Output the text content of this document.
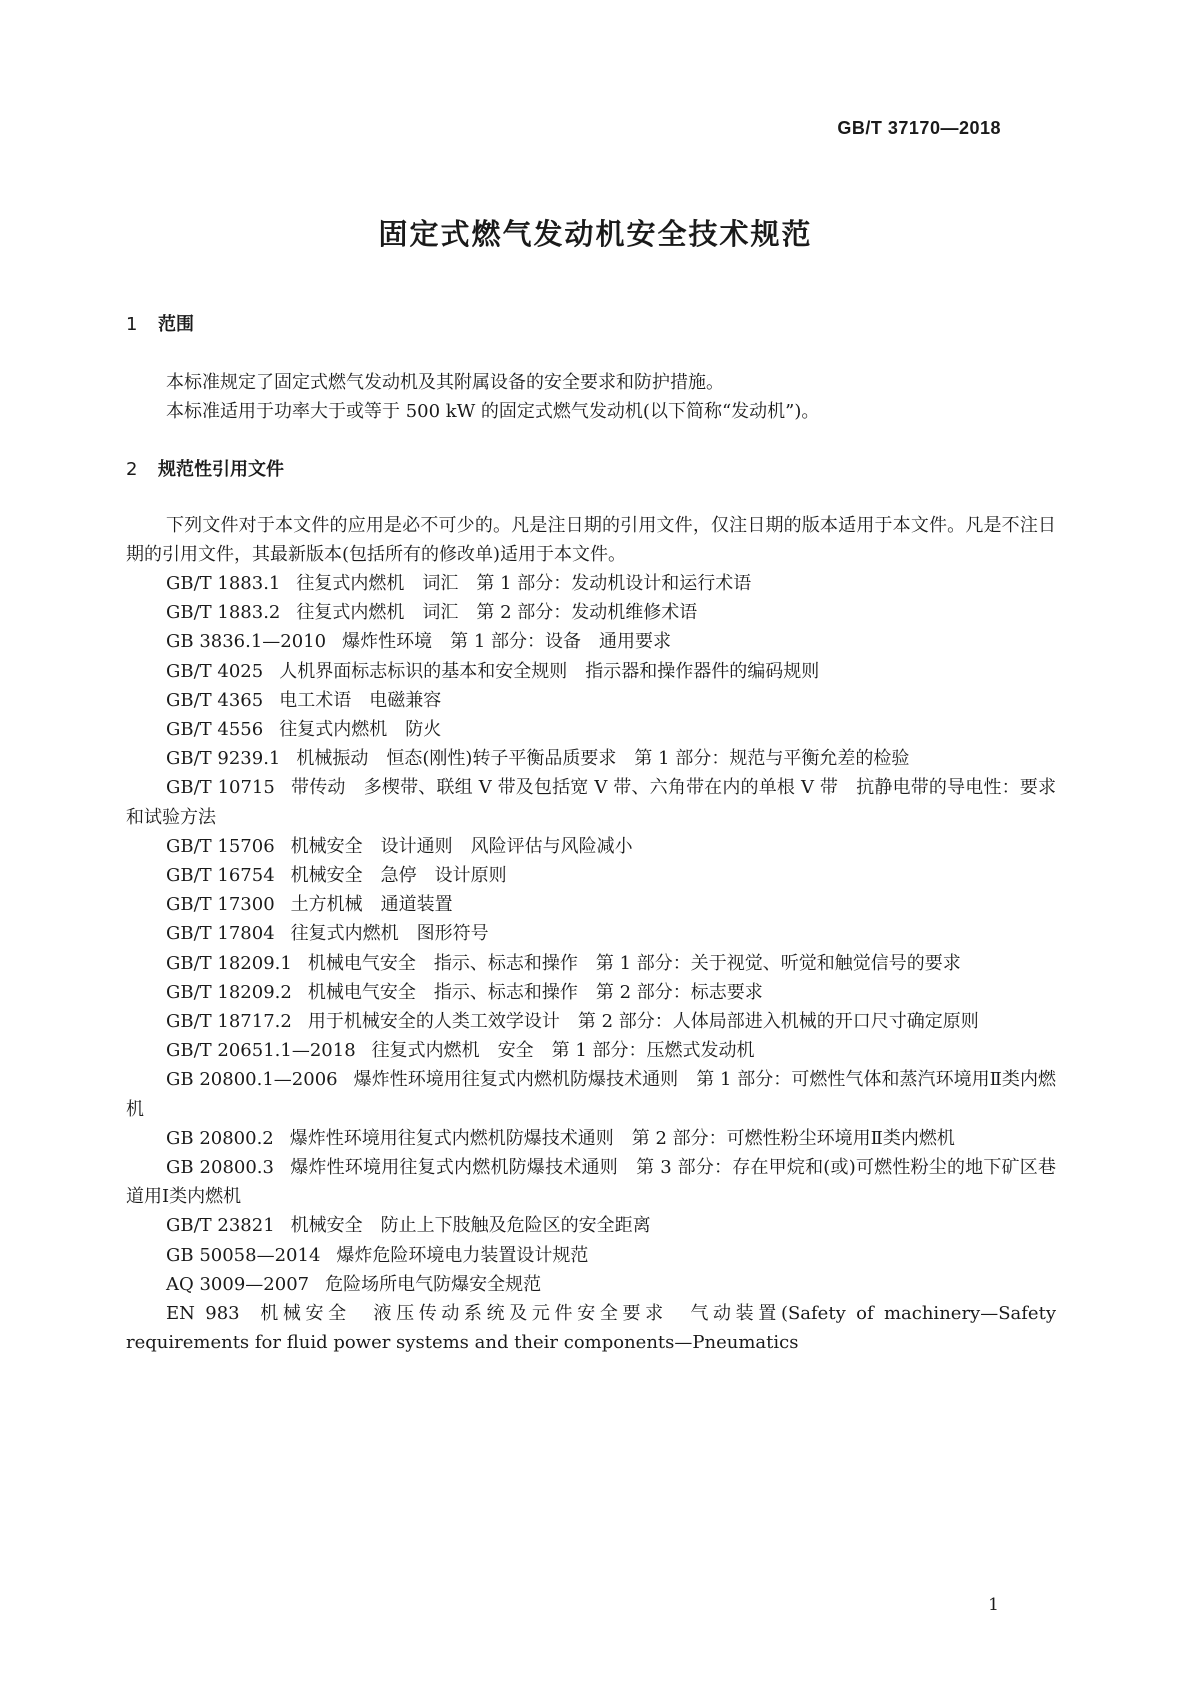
GB/T 37170—2018
固定式燃气发动机安全技术规范
1 范围
本标准规定了固定式燃气发动机及其附属设备的安全要求和防护措施。
本标准适用于功率大于或等于 500 kW 的固定式燃气发动机(以下简称“发动机”)。
2 规范性引用文件
下列文件对于本文件的应用是必不可少的。凡是注日期的引用文件，仅注日期的版本适用于本文件。凡是不注日期的引用文件，其最新版本(包括所有的修改单)适用于本文件。
GB/T 1883.1 往复式内燃机　词汇　第 1 部分：发动机设计和运行术语
GB/T 1883.2 往复式内燃机　词汇　第 2 部分：发动机维修术语
GB 3836.1—2010 爆炸性环境　第 1 部分：设备　通用要求
GB/T 4025 人机界面标志标识的基本和安全规则　指示器和操作器件的编码规则
GB/T 4365 电工术语　电磁兼容
GB/T 4556 往复式内燃机　防火
GB/T 9239.1 机械振动　恒态(刚性)转子平衡品质要求　第 1 部分：规范与平衡允差的检验
GB/T 10715 带传动　多楔带、联组 V 带及包括宽 V 带、六角带在内的单根 V 带　抗静电带的导电性：要求和试验方法
GB/T 15706 机械安全　设计通则　风险评估与风险减小
GB/T 16754 机械安全　急停　设计原则
GB/T 17300 土方机械　通道装置
GB/T 17804 往复式内燃机　图形符号
GB/T 18209.1 机械电气安全　指示、标志和操作　第 1 部分：关于视觉、听觉和触觉信号的要求
GB/T 18209.2 机械电气安全　指示、标志和操作　第 2 部分：标志要求
GB/T 18717.2 用于机械安全的人类工效学设计　第 2 部分：人体局部进入机械的开口尺寸确定原则
GB/T 20651.1—2018 往复式内燃机　安全　第 1 部分：压燃式发动机
GB 20800.1—2006 爆炸性环境用往复式内燃机防爆技术通则　第 1 部分：可燃性气体和蒸汽环境用Ⅱ类内燃机
GB 20800.2 爆炸性环境用往复式内燃机防爆技术通则　第 2 部分：可燃性粉尘环境用Ⅱ类内燃机
GB 20800.3 爆炸性环境用往复式内燃机防爆技术通则　第 3 部分：存在甲烷和(或)可燃性粉尘的地下矿区巷道用Ⅰ类内燃机
GB/T 23821 机械安全　防止上下肢触及危险区的安全距离
GB 50058—2014 爆炸危险环境电力装置设计规范
AQ 3009—2007 危险场所电气防爆安全规范
EN 983 机械安全　液压传动系统及元件安全要求　气动装置(Safety of machinery—Safety requirements for fluid power systems and their components—Pneumatics
1
